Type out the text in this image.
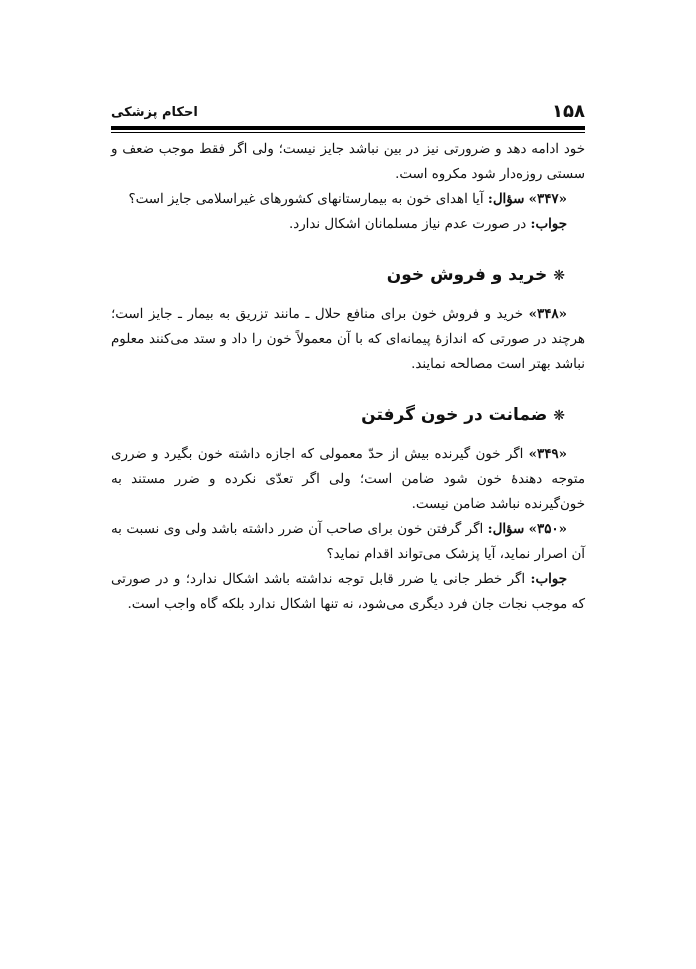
۱۵۸
احکام پزشکی

خود ادامه دهد و ضرورتی نیز در بین نباشد جایز نیست؛ ولی اگر فقط موجب ضعف و سستی روزه‌دار شود مکروه است.

«۳۴۷» سؤال: آیا اهدای خون به بیمارستانهای کشورهای غیراسلامی جایز است؟

جواب: در صورت عدم نیاز مسلمانان اشکال ندارد.

❋خرید و فروش خون

«۳۴۸» خرید و فروش خون برای منافع حلال ـ مانند تزریق به بیمار ـ جایز است؛ هرچند در صورتی که اندازهٔ پیمانه‌ای که با آن معمولاً خون را داد و ستد می‌کنند معلوم نباشد بهتر است مصالحه نمایند.

❋ضمانت در خون گرفتن

«۳۴۹» اگر خون گیرنده بیش از حدّ معمولی که اجازه داشته خون بگیرد و ضرری متوجه دهندهٔ خون شود ضامن است؛ ولی اگر تعدّی نکرده و ضرر مستند به خون‌گیرنده نباشد ضامن نیست.

«۳۵۰» سؤال: اگر گرفتن خون برای صاحب آن ضرر داشته باشد ولی وی نسبت به آن اصرار نماید، آیا پزشک می‌تواند اقدام نماید؟

جواب: اگر خطر جانی یا ضرر قابل توجه نداشته باشد اشکال ندارد؛ و در صورتی که موجب نجات جان فرد دیگری می‌شود، نه تنها اشکال ندارد بلکه گاه واجب است.
